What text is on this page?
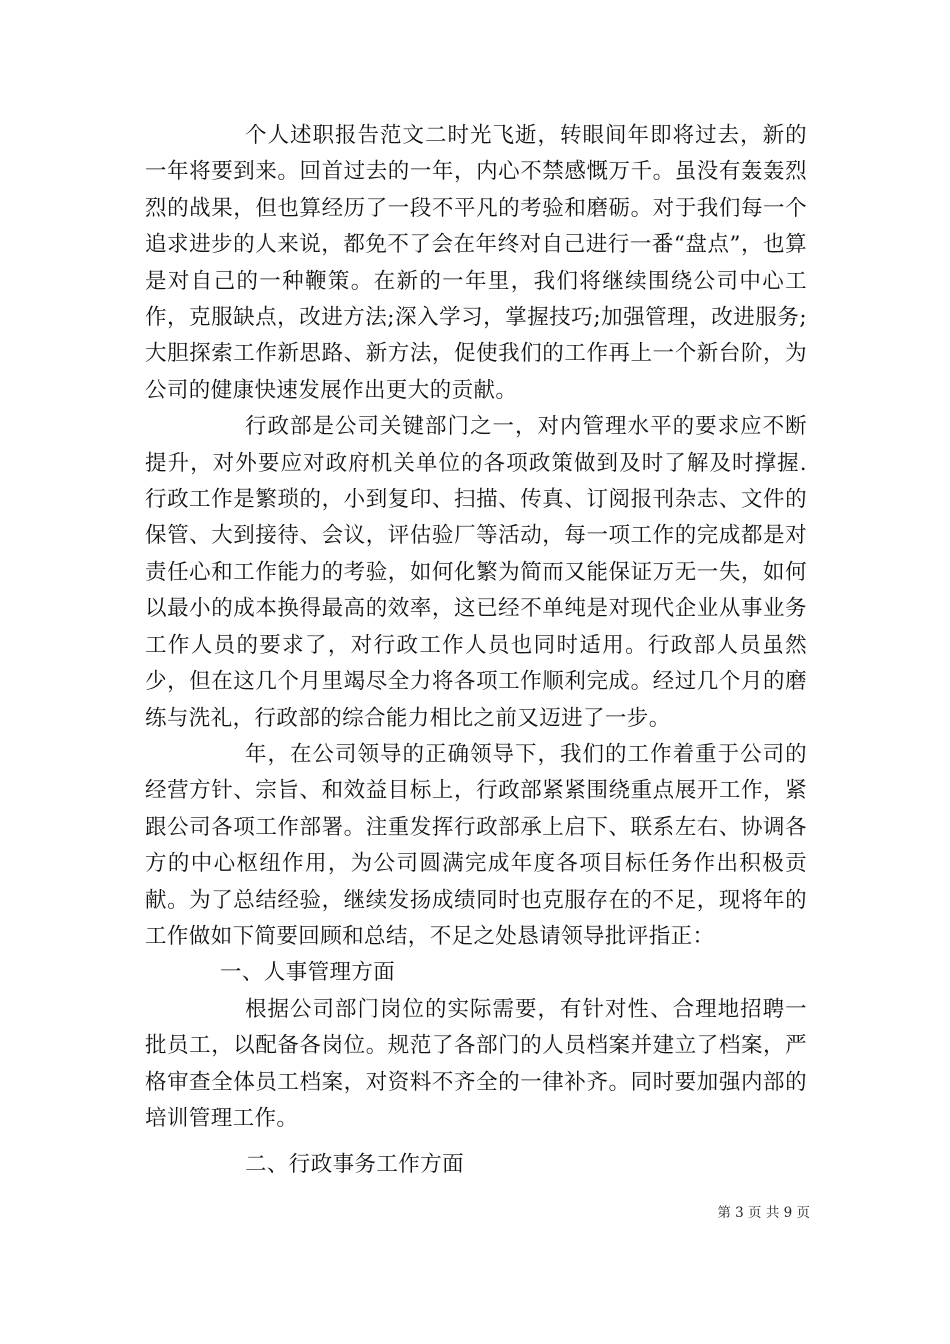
个人述职报告范文二时光飞逝，转眼间年即将过去，新的一年将要到来。回首过去的一年，内心不禁感慨万千。虽没有轰轰烈烈的战果，但也算经历了一段不平凡的考验和磨砺。对于我们每一个追求进步的人来说，都免不了会在年终对自己进行一番“盘点”，也算是对自己的一种鞭策。在新的一年里，我们将继续围绕公司中心工作，克服缺点，改进方法;深入学习，掌握技巧;加强管理，改进服务;大胆探索工作新思路、新方法，促使我们的工作再上一个新台阶，为公司的健康快速发展作出更大的贡献。

行政部是公司关键部门之一，对内管理水平的要求应不断提升，对外要应对政府机关单位的各项政策做到及时了解及时撑握.行政工作是繁琐的，小到复印、扫描、传真、订阅报刊杂志、文件的保管、大到接待、会议，评估验厂等活动，每一项工作的完成都是对责任心和工作能力的考验，如何化繁为简而又能保证万无一失，如何以最小的成本换得最高的效率，这已经不单纯是对现代企业从事业务工作人员的要求了，对行政工作人员也同时适用。行政部人员虽然少，但在这几个月里竭尽全力将各项工作顺利完成。经过几个月的磨练与洗礼，行政部的综合能力相比之前又迈进了一步。

年，在公司领导的正确领导下，我们的工作着重于公司的经营方针、宗旨、和效益目标上，行政部紧紧围绕重点展开工作，紧跟公司各项工作部署。注重发挥行政部承上启下、联系左右、协调各方的中心枢纽作用，为公司圆满完成年度各项目标任务作出积极贡献。为了总结经验，继续发扬成绩同时也克服存在的不足，现将年的工作做如下简要回顾和总结，不足之处恳请领导批评指正：

一、人事管理方面

根据公司部门岗位的实际需要，有针对性、合理地招聘一批员工，以配备各岗位。规范了各部门的人员档案并建立了档案，严格审查全体员工档案，对资料不齐全的一律补齐。同时要加强内部的培训管理工作。

二、行政事务工作方面

第 3 页 共 9 页
